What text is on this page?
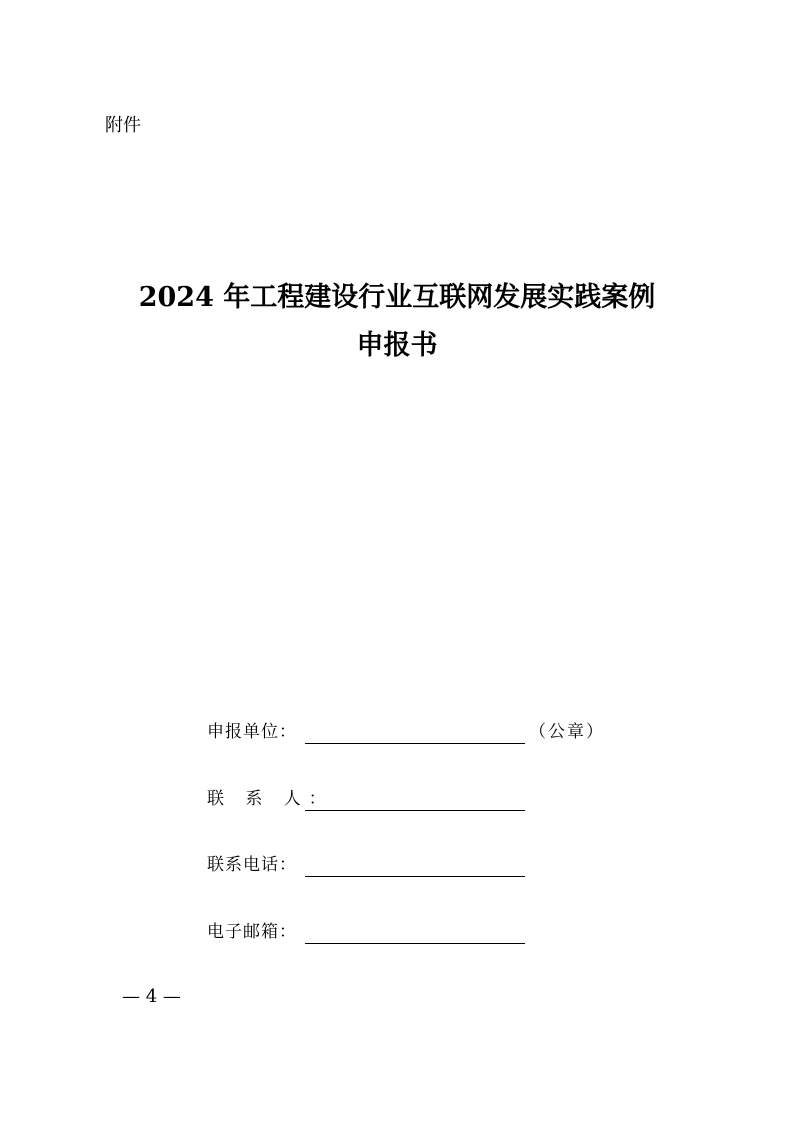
附件
2024 年工程建设行业互联网发展实践案例
申报书
申报单位：	（公章）
联 系 人：
联系电话：
电子邮箱：
— 4 —
